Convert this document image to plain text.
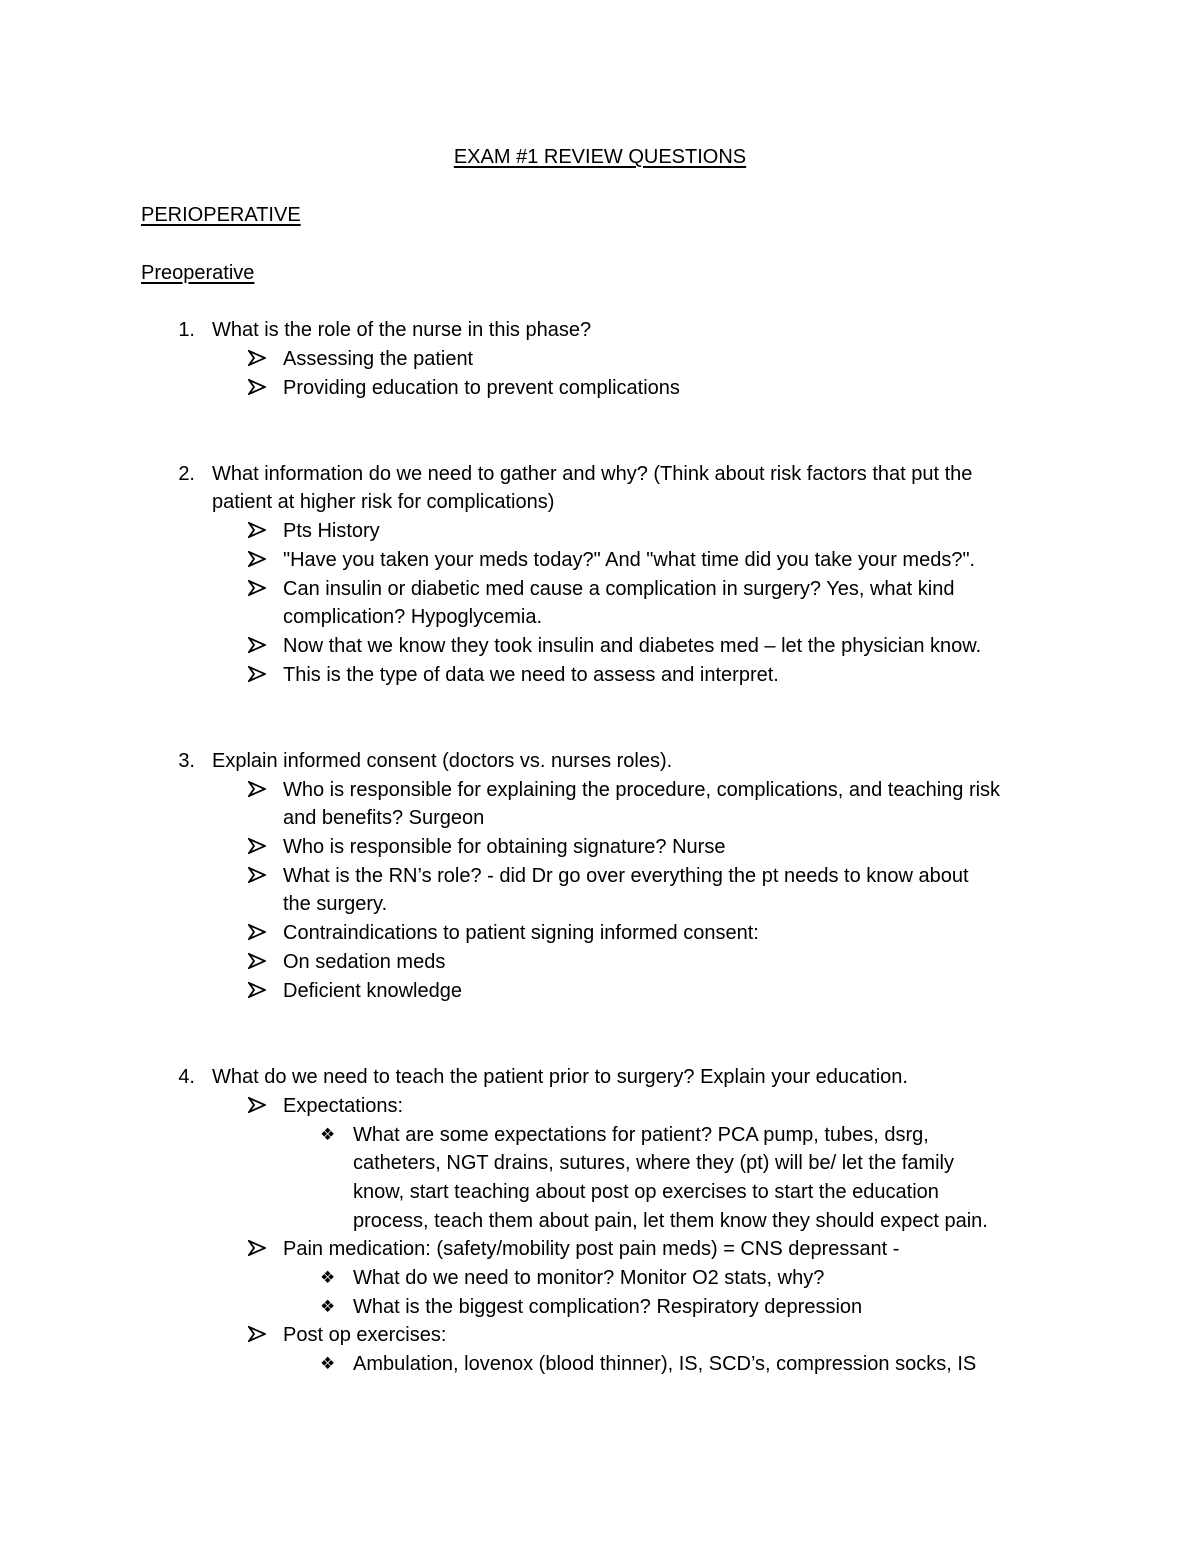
EXAM #1 REVIEW QUESTIONS
PERIOPERATIVE
Preoperative
1. What is the role of the nurse in this phase?
Assessing the patient
Providing education to prevent complications
2. What information do we need to gather and why? (Think about risk factors that put the
patient at higher risk for complications)
Pts History
"Have you taken your meds today?" And "what time did you take your meds?".
Can insulin or diabetic med cause a complication in surgery? Yes, what kind
complication? Hypoglycemia.
Now that we know they took insulin and diabetes med – let the physician know.
This is the type of data we need to assess and interpret.
3. Explain informed consent (doctors vs. nurses roles).
Who is responsible for explaining the procedure, complications, and teaching risk
and benefits? Surgeon
Who is responsible for obtaining signature? Nurse
What is the RN’s role? - did Dr go over everything the pt needs to know about
the surgery.
Contraindications to patient signing informed consent:
On sedation meds
Deficient knowledge
4. What do we need to teach the patient prior to surgery? Explain your education.
Expectations:
❖ What are some expectations for patient? PCA pump, tubes, dsrg,
catheters, NGT drains, sutures, where they (pt) will be/ let the family
know, start teaching about post op exercises to start the education
process, teach them about pain, let them know they should expect pain.
Pain medication: (safety/mobility post pain meds) = CNS depressant -
❖ What do we need to monitor? Monitor O2 stats, why?
❖ What is the biggest complication? Respiratory depression
Post op exercises:
❖ Ambulation, lovenox (blood thinner), IS, SCD’s, compression socks, IS
